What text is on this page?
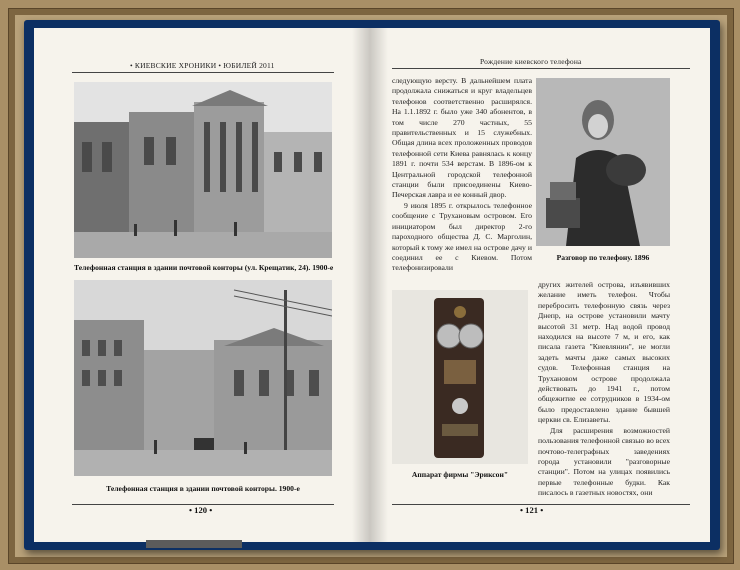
• КИЕВСКИЕ ХРОНИКИ • ЮБИЛЕЙ 2011
Телефонная станция в здании почтовой конторы (ул. Крещатик, 24). 1900-е
Телефонная станция в здании почтовой конторы. 1900-е
• 120 •
Рождение киевского телефона

следующую версту. В дальнейшем плата продолжала снижаться и круг владельцев телефонов соответственно расширялся. На 1.1.1892 г. было уже 340 абонентов, в том числе 270 частных, 55 правительственных и 15 служебных. Общая длина всех проложенных проводов телефонной сети Киева равнялась к концу 1891 г. почти 534 верстам. В 1896-ом к Центральной городской телефонной станции были присоединены Киево-Печерская лавра и ее конный двор.

9 июля 1895 г. открылось телефонное сообщение с Трухановым островом. Его инициатором был директор 2-го пароходного общества Д. С. Марголин, который к тому же имел на острове дачу и соединил ее с Киевом. Потом телефонизировали

Разговор по телефону. 1896
Аппарат фирмы "Эриксон"

других жителей острова, изъявивших желание иметь телефон. Чтобы перебросить телефонную связь через Днепр, на острове установили мачту высотой 31 метр. Над водой провод находился на высоте 7 м, и его, как писала газета "Киевлянин", не могли задеть мачты даже самых высоких судов. Телефонная станция на Трухановом острове продолжала действовать до 1941 г., потом общежитие ее сотрудников в 1934-ом было предоставлено здание бывшей церкви св. Елизаветы.

Для расширения возможностей пользования телефонной связью во всех почтово-телеграфных заведениях города установили "разговорные станции". Потом на улицах появились первые телефонные будки. Как писалось в газетных новостях, они

• 121 •
